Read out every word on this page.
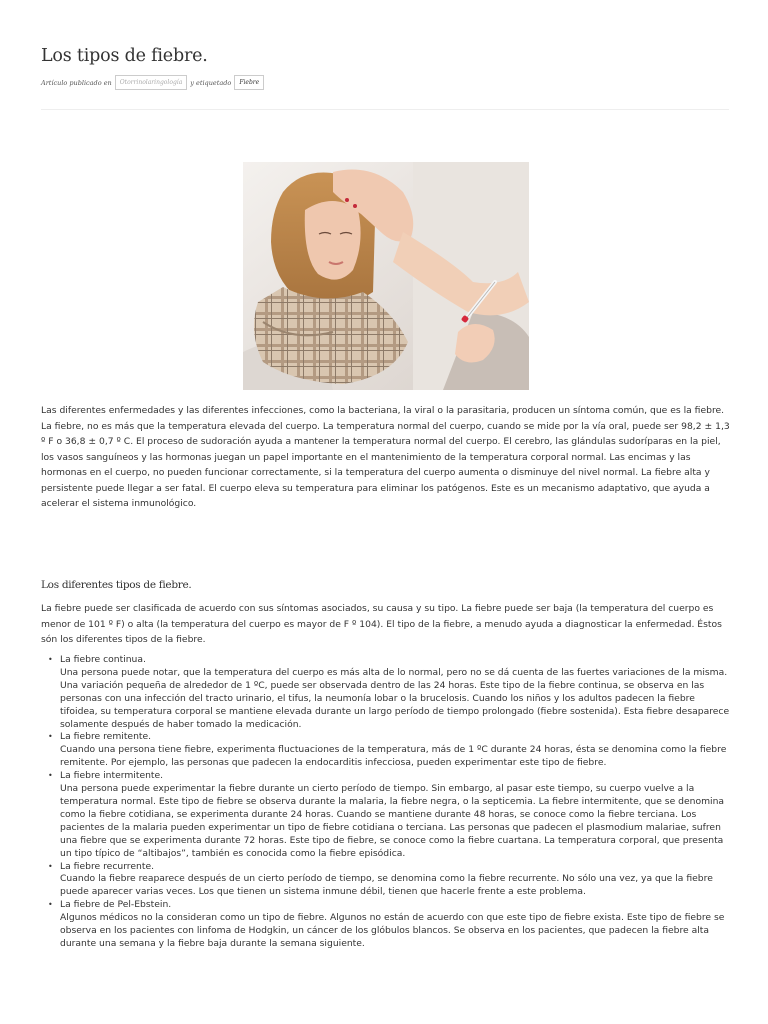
Los tipos de fiebre.
Artículo publicado en	Otorrinolaringología	y etiquetado	Fiebre

Las diferentes enfermedades y las diferentes infecciones, como la bacteriana, la viral o la parasitaria, producen un síntoma común, que es la fiebre. La fiebre, no es más que la temperatura elevada del cuerpo. La temperatura normal del cuerpo, cuando se mide por la vía oral, puede ser 98,2 ± 1,3 º F o 36,8 ± 0,7 º C. El proceso de sudoración ayuda a mantener la temperatura normal del cuerpo. El cerebro, las glándulas sudoríparas en la piel, los vasos sanguíneos y las hormonas juegan un papel importante en el mantenimiento de la temperatura corporal normal. Las encimas y las hormonas en el cuerpo, no pueden funcionar correctamente, si la temperatura del cuerpo aumenta o disminuye del nivel normal. La fiebre alta y persistente puede llegar a ser fatal. El cuerpo eleva su temperatura para eliminar los patógenos. Este es un mecanismo adaptativo, que ayuda a acelerar el sistema inmunológico.

Los diferentes tipos de fiebre.

La fiebre puede ser clasificada de acuerdo con sus síntomas asociados, su causa y su tipo. La fiebre puede ser baja (la temperatura del cuerpo es menor de 101 º F) o alta (la temperatura del cuerpo es mayor de F º 104). El tipo de la fiebre, a menudo ayuda a diagnosticar la enfermedad. Éstos són los diferentes tipos de la fiebre.

• La fiebre continua.
Una persona puede notar, que la temperatura del cuerpo es más alta de lo normal, pero no se dá cuenta de las fuertes variaciones de la misma. Una variación pequeña de alrededor de 1 ºC, puede ser observada dentro de las 24 horas. Este tipo de la fiebre continua, se observa en las personas con una infección del tracto urinario, el tifus, la neumonía lobar o la brucelosis. Cuando los niños y los adultos padecen la fiebre tifoidea, su temperatura corporal se mantiene elevada durante un largo período de tiempo prolongado (fiebre sostenida). Esta fiebre desaparece solamente después de haber tomado la medicación.
• La fiebre remitente.
Cuando una persona tiene fiebre, experimenta fluctuaciones de la temperatura, más de 1 ºC durante 24 horas, ésta se denomina como la fiebre remitente. Por ejemplo, las personas que padecen la endocarditis infecciosa, pueden experimentar este tipo de fiebre.
• La fiebre intermitente.
Una persona puede experimentar la fiebre durante un cierto período de tiempo. Sin embargo, al pasar este tiempo, su cuerpo vuelve a la temperatura normal. Este tipo de fiebre se observa durante la malaria, la fiebre negra, o la septicemia. La fiebre intermitente, que se denomina como la fiebre cotidiana, se experimenta durante 24 horas. Cuando se mantiene durante 48 horas, se conoce como la fiebre terciana. Los pacientes de la malaria pueden experimentar un tipo de fiebre cotidiana o terciana. Las personas que padecen el plasmodium malariae, sufren una fiebre que se experimenta durante 72 horas. Este tipo de fiebre, se conoce como la fiebre cuartana. La temperatura corporal, que presenta un tipo típico de “altibajos”, también es conocida como la fiebre episódica.
• La fiebre recurrente.
Cuando la fiebre reaparece después de un cierto período de tiempo, se denomina como la fiebre recurrente. No sólo una vez, ya que la fiebre puede aparecer varias veces. Los que tienen un sistema inmune débil, tienen que hacerle frente a este problema.
• La fiebre de Pel-Ebstein.
Algunos médicos no la consideran como un tipo de fiebre. Algunos no están de acuerdo con que este tipo de fiebre exista. Este tipo de fiebre se observa en los pacientes con linfoma de Hodgkin, un cáncer de los glóbulos blancos. Se observa en los pacientes, que padecen la fiebre alta durante una semana y la fiebre baja durante la semana siguiente.
